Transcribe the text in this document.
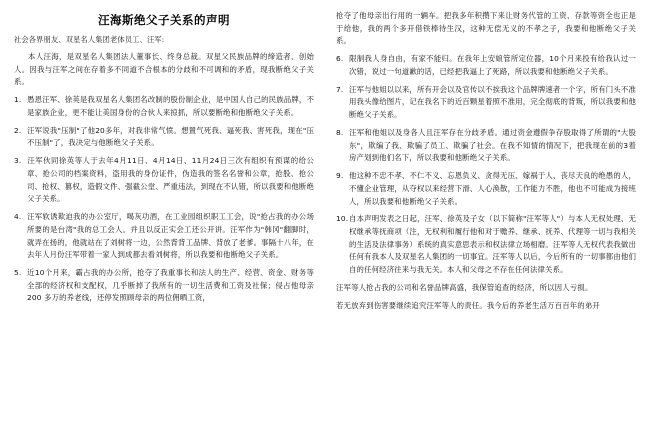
汪海斯绝父子关系的声明
社会各界朋友、双星名人集团老体员工、汪军:

本人汪海，是双星名人集团法人董事长、终身总裁。双星父民族品牌的缔造者、创始人。因我与汪军之间在存着多不同道不合根本的分歧和不可调和的矛盾，现我断绝父子关系。

1. 愚恩汪军、徐英是我双星名人集团名改制的股份制企业，是中国人自己的民族品牌，不是家族企业，更不能让美国身份的合伙人来掠抓，所以要断绝和他断绝父子关系。
2. 汪军说我"压制"了他20多年，对我非常气愤。想置气死我、逼死我、害死我，现在"压不压制"了，我决定与他断绝父子关系。
3. 汪军伙同徐英等人于去年4月11日、4月14日、11月24日三次有组织有预谋的给公章、抢公司的档案资料，盗用我的身份证件，伪造我的签名名誉和公章，抢股、抢公司、抢权、篡权，造假文件、强截公堂、严重违法，到现在不认错，所以我要和他断绝父子关系。
4. 汪军软诱欺迫我的办公室厅，喝灰功酒，在工业园组织职工工会，说"抢占我的办公场所要的是台湾"我的总工会人。并且以反正实会工还公开讲。汪军作为"韩冈"翻脚时，就弄在扬的，他就站在了刘树将一边，公然背背工品牌、背放了老爹。事隔十八年，在去年人月份汪军带着一家人到成都去看刘树将，所以我要和他断绝父子关系。
5. 近10个月来，霸占我的办公所，抢夺了我重事长和法人的生产、经营、资金、财务等全部的经济权和支配权，几乎断掉了我所有的一切生活费和工资及社保；侵占他母亲 200 多万的养老线，还停发照顾母亲的两位佣晒工资，

抢夺了他母亲出行用的一辆车。把我多年积攒下来让财务代管的工资、存款等资全也正是于给他，我的两个多开借铁棒待生汉，这种无偿无义的不孝之子，我要和他断绝父子关系。

6. 限制我人身自由，有家不能归。在我年上安娘管所定位器，10个月来投有给我认过一次错，说过一句道歉的话，已经把我逼上了死路，所以我要和他断绝父子关系。
7. 汪军与他姐以以来，所有开会以及官传以不挨我这个品牌牌速者一个字，所有门头不准用我头像给图片，记在我名下的近百颗星着照不准用，完全彻底的背叛，所以我要和他断绝父子关系。
8. 汪军和他姐以及身各人且汪军存在分歧矛盾。通过资金遵假争存股取得了所谓的"大股东"，欺编了我、欺骗了员工、欺骗了社会。在我不知情的情况下，把我现在前的3着房产划到他们名下，所以我要和他断绝父子关系。
9. 他这种不忠不孝、不仁不义、忘恩负义、贪得无压、嫁祸于人、丧尽天良的绝愚的人，不懂企业管理，从夺权以来经营下滑、人心涣散，工作能力不胜，他也不可能成为接班人，所以我要和他断绝父子关系。
10.自本声明发表之日起，汪军、徐英及子女（以下简称"汪军等人"）与本人无权处理、无权继承等抚商项（注，无权利和履行他和对于赡养、继承、抚养、代理等一切与我相关的生活及法律事务）系统的真实意思表示和权法律立场相磨。汪军等人无权代表我做出任何有我本人及双星名人集团的一切事宜。汪军等人以后，今后所有的一切事都由他们自的任何经济往来与我无关。本人和父母之不存在任何法律关系。

汪军等人抢占我的公司和名誉品牌高盛，我保管追查的经济，所以因人亏损。

若无放弃到伤害要继续追究汪军等人的责任。我今后的养老生活万百百年的弟开
